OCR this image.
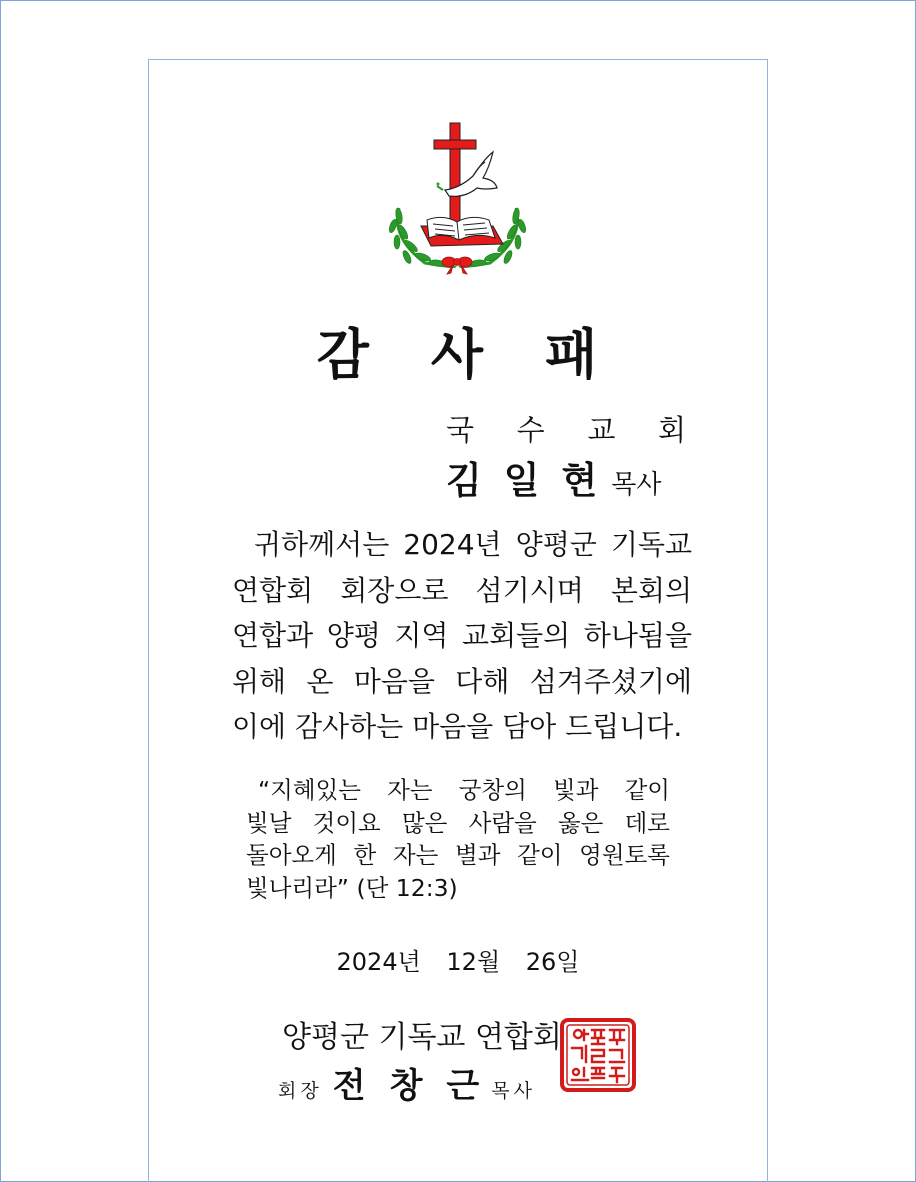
감 사 패
국 수 교 회
김일현
목사

귀하께서는 2024년 양평군 기독교

연합회 회장으로 섬기시며 본회의

연합과 양평 지역 교회들의 하나됨을

위해 온 마음을 다해 섬겨주셨기에

이에 감사하는 마음을 담아 드립니다.

“지혜있는 자는 궁창의 빛과 같이

빛날 것이요 많은 사람을 옳은 데로

돌아오게 한 자는 별과 같이 영원토록

빛나리라” (단 12:3)

2024년 12월 26일
양평군 기독교 연합회
회장 전창근
목사
